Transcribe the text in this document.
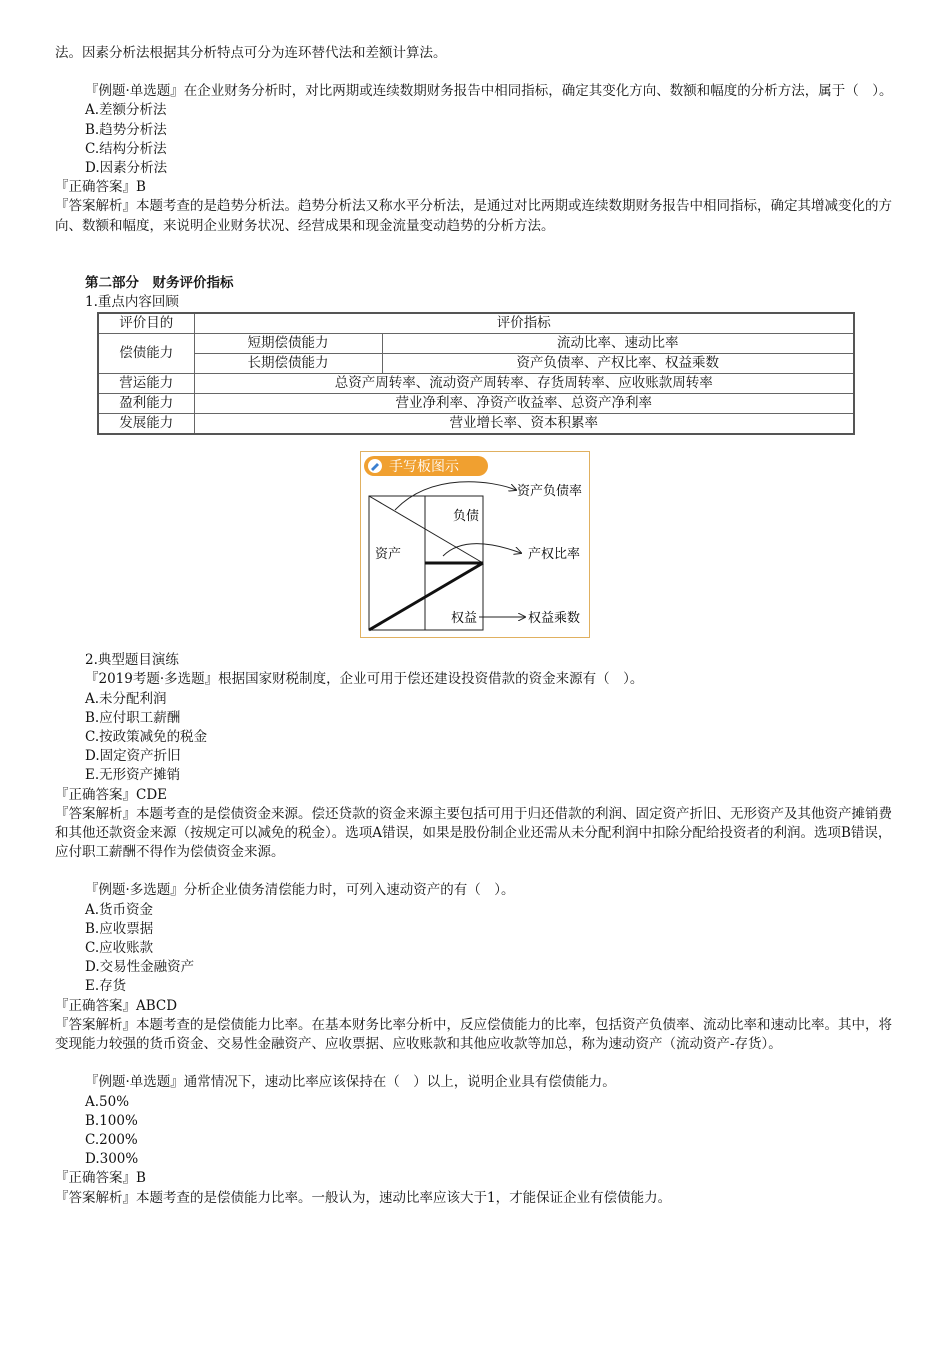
法。因素分析法根据其分析特点可分为连环替代法和差额计算法。

『例题·单选题』在企业财务分析时，对比两期或连续数期财务报告中相同指标，确定其变化方向、数额和幅度的分析方法，属于（　）。

A.差额分析法

B.趋势分析法

C.结构分析法

D.因素分析法

『正确答案』B

『答案解析』本题考查的是趋势分析法。趋势分析法又称水平分析法，是通过对比两期或连续数期财务报告中相同指标，确定其增减变化的方向、数额和幅度，来说明企业财务状况、经营成果和现金流量变动趋势的分析方法。

第二部分　财务评价指标

1.重点内容回顾

评价目的	评价指标	
偿债能力	短期偿债能力	流动比率、速动比率
	长期偿债能力	资产负债率、产权比率、权益乘数
营运能力	总资产周转率、流动资产周转率、存货周转率、应收账款周转率	
盈利能力	营业净利率、净资产收益率、总资产净利率	
发展能力	营业增长率、资本积累率	
手写板图示
资产
负债
权益
资产负债率
产权比率
权益乘数

2.典型题目演练

『2019考题·多选题』根据国家财税制度，企业可用于偿还建设投资借款的资金来源有（　）。

A.未分配利润

B.应付职工薪酬

C.按政策减免的税金

D.固定资产折旧

E.无形资产摊销

『正确答案』CDE

『答案解析』本题考查的是偿债资金来源。偿还贷款的资金来源主要包括可用于归还借款的利润、固定资产折旧、无形资产及其他资产摊销费和其他还款资金来源（按规定可以减免的税金）。选项A错误，如果是股份制企业还需从未分配利润中扣除分配给投资者的利润。选项B错误，应付职工薪酬不得作为偿债资金来源。

『例题·多选题』分析企业债务清偿能力时，可列入速动资产的有（　）。

A.货币资金

B.应收票据

C.应收账款

D.交易性金融资产

E.存货

『正确答案』ABCD

『答案解析』本题考查的是偿债能力比率。在基本财务比率分析中，反应偿债能力的比率，包括资产负债率、流动比率和速动比率。其中，将变现能力较强的货币资金、交易性金融资产、应收票据、应收账款和其他应收款等加总，称为速动资产（流动资产-存货）。

『例题·单选题』通常情况下，速动比率应该保持在（　）以上，说明企业具有偿债能力。

A.50%

B.100%

C.200%

D.300%

『正确答案』B

『答案解析』本题考查的是偿债能力比率。一般认为，速动比率应该大于1，才能保证企业有偿债能力。
